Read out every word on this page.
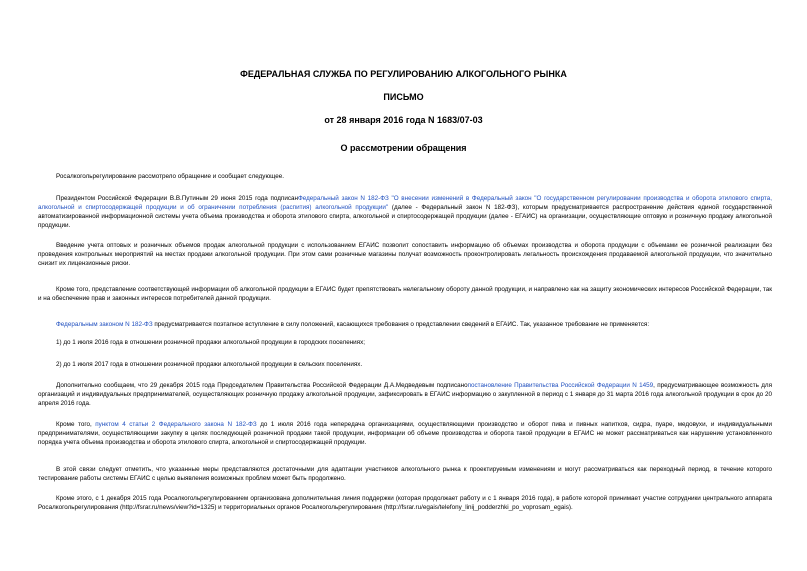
ФЕДЕРАЛЬНАЯ СЛУЖБА ПО РЕГУЛИРОВАНИЮ АЛКОГОЛЬНОГО РЫНКА
ПИСЬМО
от 28 января 2016 года N 1683/07-03
О рассмотрении обращения
Росалкогольрегулирование рассмотрело обращение и сообщает следующее.
Президентом Российской Федерации В.В.Путиным 29 июня 2015 года подписанФедеральный закон N 182-ФЗ "О внесении изменений в Федеральный закон "О государственном регулировании производства и оборота этилового спирта, алкогольной и спиртосодержащей продукции и об ограничении потребления (распития) алкогольной продукции" (далее - Федеральный закон N 182-ФЗ), которым предусматривается распространение действия единой государственной автоматизированной информационной системы учета объема производства и оборота этилового спирта, алкогольной и спиртосодержащей продукции (далее - ЕГАИС) на организации, осуществляющие оптовую и розничную продажу алкогольной продукции.
Введение учета оптовых и розничных объемов продаж алкогольной продукции с использованием ЕГАИС позволит сопоставить информацию об объемах производства и оборота продукции с объемами ее розничной реализации без проведения контрольных мероприятий на местах продажи алкогольной продукции. При этом сами розничные магазины получат возможность проконтролировать легальность происхождения продаваемой алкогольной продукции, что значительно снизит их лицензионные риски.
Кроме того, представление соответствующей информации об алкогольной продукции в ЕГАИС будет препятствовать нелегальному обороту данной продукции, и направлено как на защиту экономических интересов Российской Федерации, так и на обеспечение прав и законных интересов потребителей данной продукции.
Федеральным законом N 182-ФЗ предусматривается поэтапное вступление в силу положений, касающихся требования о представлении сведений в ЕГАИС. Так, указанное требование не применяется:
1) до 1 июля 2016 года в отношении розничной продажи алкогольной продукции в городских поселениях;
2) до 1 июля 2017 года в отношении розничной продажи алкогольной продукции в сельских поселениях.
Дополнительно сообщаем, что 29 декабря 2015 года Председателем Правительства Российской Федерации Д.А.Медведевым подписанопостановление Правительства Российской Федерации N 1459, предусматривающее возможность для организаций и индивидуальных предпринимателей, осуществляющих розничную продажу алкогольной продукции, зафиксировать в ЕГАИС информацию о закупленной в период с 1 января до 31 марта 2016 года алкогольной продукции в срок до 20 апреля 2016 года.
Кроме того, пунктом 4 статьи 2 Федерального закона N 182-ФЗ до 1 июля 2016 года непередача организациями, осуществляющими производство и оборот пива и пивных напитков, сидра, пуаре, медовухи, и индивидуальными предпринимателями, осуществляющими закупку в целях последующей розничной продажи такой продукции, информации об объеме производства и оборота такой продукции в ЕГАИС не может рассматриваться как нарушение установленного порядка учета объема производства и оборота этилового спирта, алкогольной и спиртосодержащей продукции.
В этой связи следует отметить, что указанные меры представляются достаточными для адаптации участников алкогольного рынка к проектируемым изменениям и могут рассматриваться как переходный период, в течение которого тестирование работы системы ЕГАИС с целью выявления возможных проблем может быть продолжено.
Кроме этого, с 1 декабря 2015 года Росалкогольрегулированием организована дополнительная линия поддержки (которая продолжает работу и с 1 января 2016 года), в работе которой принимает участие сотрудники центрального аппарата Росалкогольрегулирования (http://fsrar.ru/news/view?id=1325) и территориальных органов Росалкогольрегулирования (http://fsrar.ru/egais/telefony_linij_podderzhki_po_voprosam_egais).
